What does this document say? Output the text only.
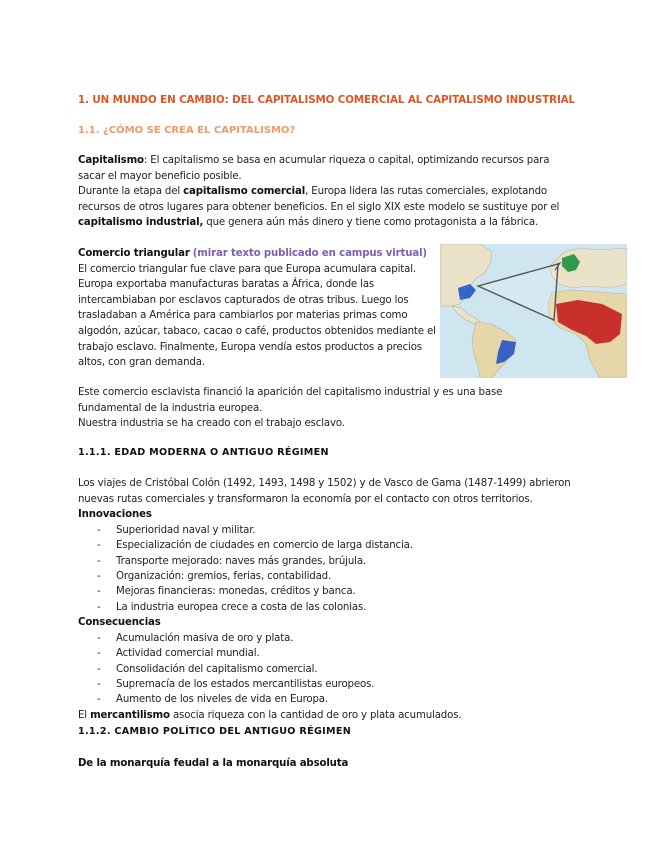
1. UN MUNDO EN CAMBIO: DEL CAPITALISMO COMERCIAL AL CAPITALISMO INDUSTRIAL

1.1. ¿CÓMO SE CREA EL CAPITALISMO?

Capitalismo: El capitalismo se basa en acumular riqueza o capital, optimizando recursos para sacar el mayor beneficio posible.

Durante la etapa del capitalismo comercial, Europa lidera las rutas comerciales, explotando recursos de otros lugares para obtener beneficios. En el siglo XIX este modelo se sustituye por el capitalismo industrial, que genera aún más dinero y tiene como protagonista a la fábrica.

Comercio triangular (mirar texto publicado en campus virtual)

El comercio triangular fue clave para que Europa acumulara capital. Europa exportaba manufacturas baratas a África, donde las intercambiaban por esclavos capturados de otras tribus. Luego los trasladaban a América para cambiarlos por materias primas como algodón, azúcar, tabaco, cacao o café, productos obtenidos mediante el trabajo esclavo. Finalmente, Europa vendía estos productos a precios altos, con gran demanda.

Este comercio esclavista financió la aparición del capitalismo industrial y es una base fundamental de la industria europea.

Nuestra industria se ha creado con el trabajo esclavo.

1.1.1. EDAD MODERNA O ANTIGUO RÉGIMEN

Los viajes de Cristóbal Colón (1492, 1493, 1498 y 1502) y de Vasco de Gama (1487-1499) abrieron nuevas rutas comerciales y transformaron la economía por el contacto con otros territorios.

Innovaciones

- Superioridad naval y militar.
- Especialización de ciudades en comercio de larga distancia.
- Transporte mejorado: naves más grandes, brújula.
- Organización: gremios, ferias, contabilidad.
- Mejoras financieras: monedas, créditos y banca.
- La industria europea crece a costa de las colonias.

Consecuencias

- Acumulación masiva de oro y plata.
- Actividad comercial mundial.
- Consolidación del capitalismo comercial.
- Supremacía de los estados mercantilistas europeos.
- Aumento de los niveles de vida en Europa.

El mercantilismo asocia riqueza con la cantidad de oro y plata acumulados.

1.1.2. CAMBIO POLÍTICO DEL ANTIGUO RÉGIMEN

De la monarquía feudal a la monarquía absoluta
